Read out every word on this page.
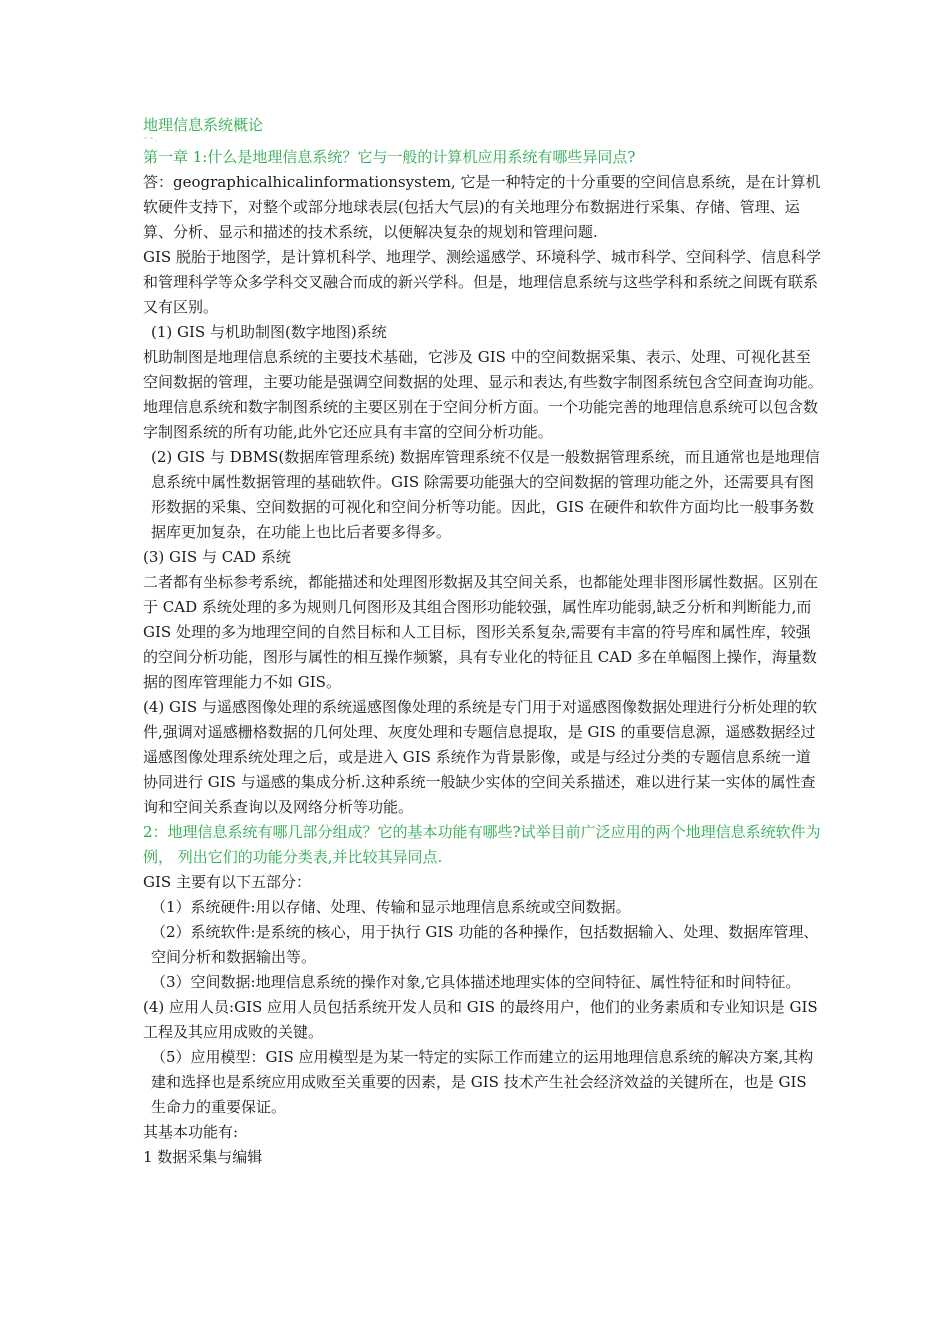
地理信息系统概论
^^-
第一章 1:什么是地理信息系统？它与一般的计算机应用系统有哪些异同点?
答：geographicalhicalinformationsystem, 它是一种特定的十分重要的空间信息系统，是在计算机软硬件支持下，对整个或部分地球表层(包括大气层)的有关地理分布数据进行采集、存储、管理、运算、分析、显示和描述的技术系统，以便解决复杂的规划和管理问题.
GIS 脱胎于地图学，是计算机科学、地理学、测绘遥感学、环境科学、城市科学、空间科学、信息科学和管理科学等众多学科交叉融合而成的新兴学科。但是，地理信息系统与这些学科和系统之间既有联系又有区别。
(1) GIS 与机助制图(数字地图)系统
机助制图是地理信息系统的主要技术基础，它涉及 GIS 中的空间数据采集、表示、处理、可视化甚至空间数据的管理，主要功能是强调空间数据的处理、显示和表达,有些数字制图系统包含空间查询功能。地理信息系统和数字制图系统的主要区别在于空间分析方面。一个功能完善的地理信息系统可以包含数字制图系统的所有功能,此外它还应具有丰富的空间分析功能。
(2) GIS 与 DBMS(数据库管理系统) 数据库管理系统不仅是一般数据管理系统，而且通常也是地理信息系统中属性数据管理的基础软件。GIS 除需要功能强大的空间数据的管理功能之外，还需要具有图形数据的采集、空间数据的可视化和空间分析等功能。因此，GIS 在硬件和软件方面均比一般事务数据库更加复杂，在功能上也比后者要多得多。
(3) GIS 与 CAD 系统
二者都有坐标参考系统，都能描述和处理图形数据及其空间关系，也都能处理非图形属性数据。区别在于 CAD 系统处理的多为规则几何图形及其组合图形功能较强，属性库功能弱,缺乏分析和判断能力,而 GIS 处理的多为地理空间的自然目标和人工目标，图形关系复杂,需要有丰富的符号库和属性库，较强的空间分析功能，图形与属性的相互操作频繁，具有专业化的特征且 CAD 多在单幅图上操作，海量数据的图库管理能力不如 GIS。
(4) GIS 与遥感图像处理的系统遥感图像处理的系统是专门用于对遥感图像数据处理进行分析处理的软件,强调对遥感栅格数据的几何处理、灰度处理和专题信息提取，是 GIS 的重要信息源，遥感数据经过遥感图像处理系统处理之后，或是进入 GIS 系统作为背景影像，或是与经过分类的专题信息系统一道协同进行 GIS 与遥感的集成分析.这种系统一般缺少实体的空间关系描述，难以进行某一实体的属性查询和空间关系查询以及网络分析等功能。
2：地理信息系统有哪几部分组成？它的基本功能有哪些?试举目前广泛应用的两个地理信息系统软件为例， 列出它们的功能分类表,并比较其异同点.
GIS 主要有以下五部分：
（1）系统硬件:用以存储、处理、传输和显示地理信息系统或空间数据。
（2）系统软件:是系统的核心，用于执行 GIS 功能的各种操作，包括数据输入、处理、数据库管理、空间分析和数据输出等。
（3）空间数据:地理信息系统的操作对象,它具体描述地理实体的空间特征、属性特征和时间特征。
(4) 应用人员:GIS 应用人员包括系统开发人员和 GIS 的最终用户，他们的业务素质和专业知识是 GIS 工程及其应用成败的关键。
（5）应用模型：GIS 应用模型是为某一特定的实际工作而建立的运用地理信息系统的解决方案,其构建和选择也是系统应用成败至关重要的因素，是 GIS 技术产生社会经济效益的关键所在，也是 GIS 生命力的重要保证。
其基本功能有:
1 数据采集与编辑
